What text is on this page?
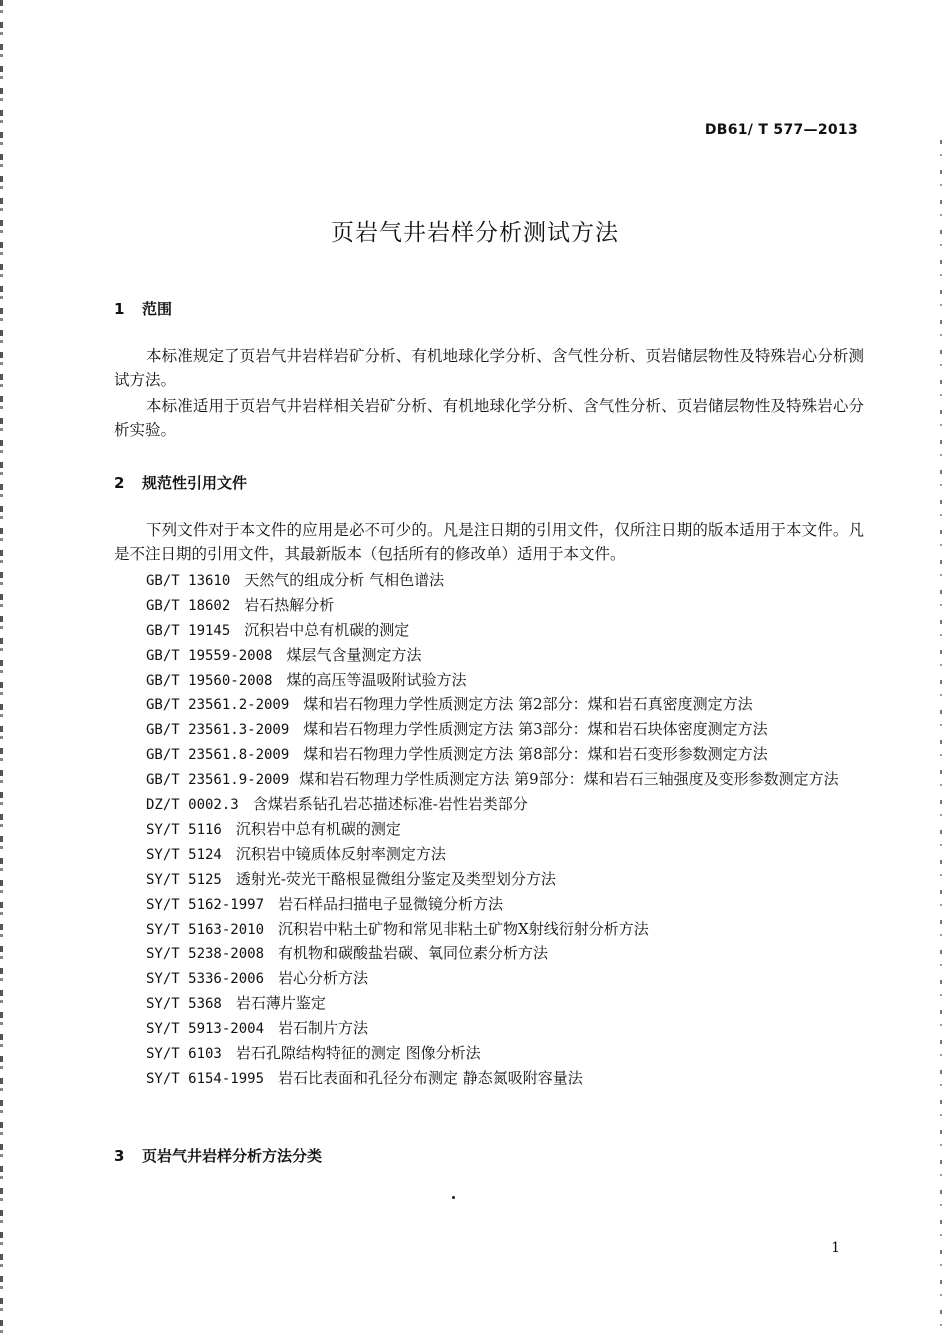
DB61/ T 577—2013
页岩气井岩样分析测试方法
1 范围
本标准规定了页岩气井岩样岩矿分析、有机地球化学分析、含气性分析、页岩储层物性及特殊岩心分析测试方法。
本标准适用于页岩气井岩样相关岩矿分析、有机地球化学分析、含气性分析、页岩储层物性及特殊岩心分析实验。
2 规范性引用文件
下列文件对于本文件的应用是必不可少的。凡是注日期的引用文件，仅所注日期的版本适用于本文件。凡是不注日期的引用文件，其最新版本（包括所有的修改单）适用于本文件。
GB/T 13610 天然气的组成分析 气相色谱法
GB/T 18602 岩石热解分析
GB/T 19145 沉积岩中总有机碳的测定
GB/T 19559-2008 煤层气含量测定方法
GB/T 19560-2008 煤的高压等温吸附试验方法
GB/T 23561.2-2009 煤和岩石物理力学性质测定方法 第2部分：煤和岩石真密度测定方法
GB/T 23561.3-2009 煤和岩石物理力学性质测定方法 第3部分：煤和岩石块体密度测定方法
GB/T 23561.8-2009 煤和岩石物理力学性质测定方法 第8部分：煤和岩石变形参数测定方法
GB/T 23561.9-2009 煤和岩石物理力学性质测定方法 第9部分：煤和岩石三轴强度及变形参数测定方法
DZ/T 0002.3 含煤岩系钻孔岩芯描述标准-岩性岩类部分
SY/T 5116 沉积岩中总有机碳的测定
SY/T 5124 沉积岩中镜质体反射率测定方法
SY/T 5125 透射光-荧光干酪根显微组分鉴定及类型划分方法
SY/T 5162-1997 岩石样品扫描电子显微镜分析方法
SY/T 5163-2010 沉积岩中粘土矿物和常见非粘土矿物X射线衍射分析方法
SY/T 5238-2008 有机物和碳酸盐岩碳、氧同位素分析方法
SY/T 5336-2006 岩心分析方法
SY/T 5368 岩石薄片鉴定
SY/T 5913-2004 岩石制片方法
SY/T 6103 岩石孔隙结构特征的测定 图像分析法
SY/T 6154-1995 岩石比表面和孔径分布测定 静态氮吸附容量法
3 页岩气井岩样分析方法分类
1
